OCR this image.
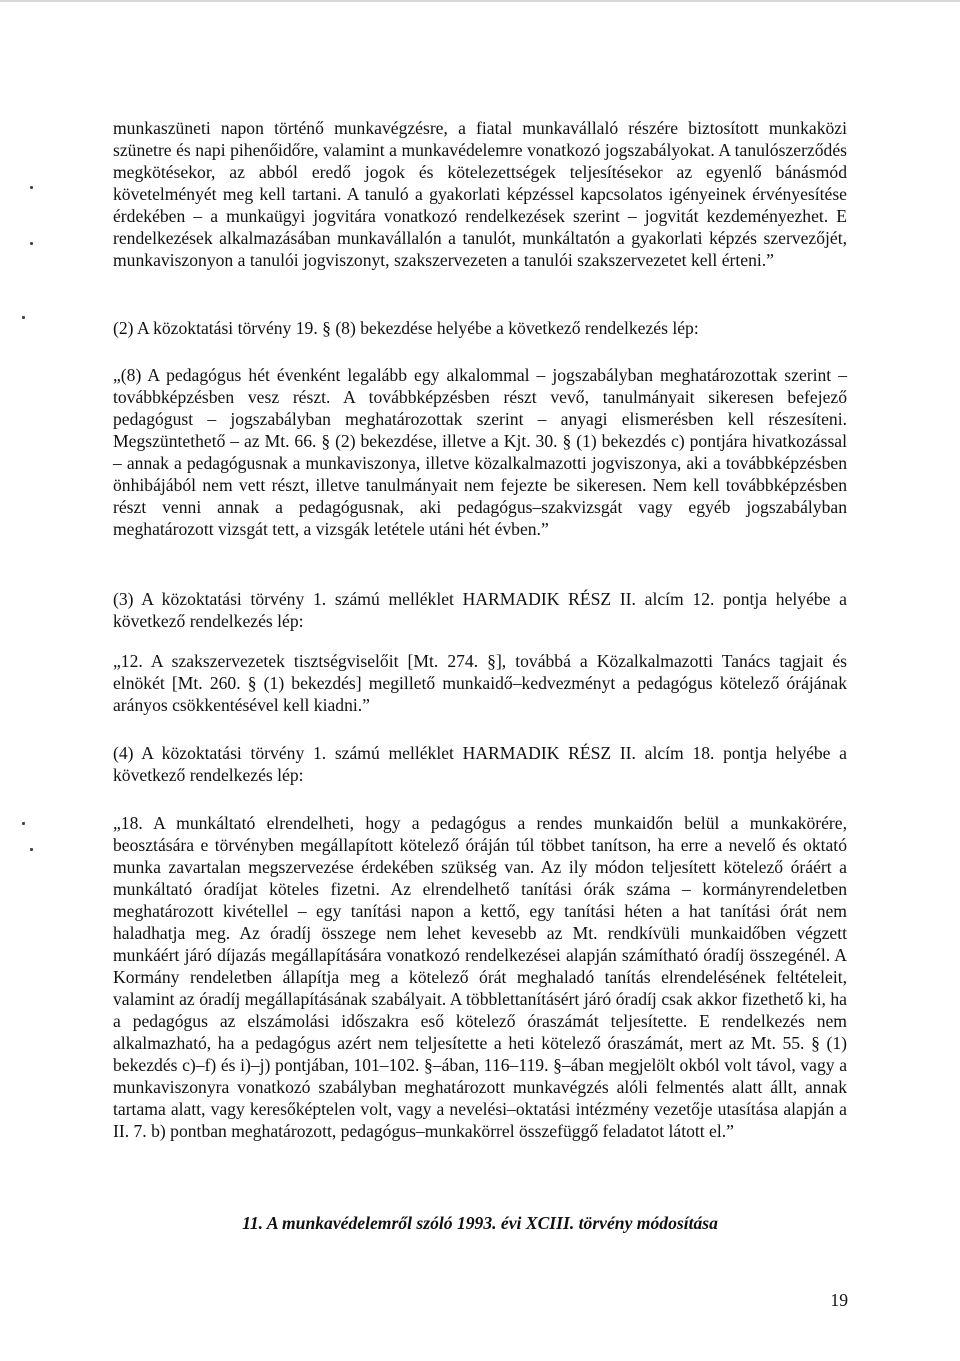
munkaszüneti napon történő munkavégzésre, a fiatal munkavállaló részére biztosított munkaközi szünetre és napi pihenőidőre, valamint a munkavédelemre vonatkozó jogszabályokat. A tanulószerződés megkötésekor, az abból eredő jogok és kötelezettségek teljesítésekor az egyenlő bánásmód követelményét meg kell tartani. A tanuló a gyakorlati képzéssel kapcsolatos igényeinek érvényesítése érdekében – a munkaügyi jogvitára vonatkozó rendelkezések szerint – jogvitát kezdeményezhet. E rendelkezések alkalmazásában munkavállalón a tanulót, munkáltatón a gyakorlati képzés szervezőjét, munkaviszonyon a tanulói jogviszonyt, szakszervezeten a tanulói szakszervezetet kell érteni.”

(2) A közoktatási törvény 19. § (8) bekezdése helyébe a következő rendelkezés lép:

„(8) A pedagógus hét évenként legalább egy alkalommal – jogszabályban meghatározottak szerint – továbbképzésben vesz részt. A továbbképzésben részt vevő, tanulmányait sikeresen befejező pedagógust – jogszabályban meghatározottak szerint – anyagi elismerésben kell részesíteni. Megszüntethető – az Mt. 66. § (2) bekezdése, illetve a Kjt. 30. § (1) bekezdés c) pontjára hivatkozással – annak a pedagógusnak a munkaviszonya, illetve közalkalmazotti jogviszonya, aki a továbbképzésben önhibájából nem vett részt, illetve tanulmányait nem fejezte be sikeresen. Nem kell továbbképzésben részt venni annak a pedagógusnak, aki pedagógus–szakvizsgát vagy egyéb jogszabályban meghatározott vizsgát tett, a vizsgák letétele utáni hét évben.”

(3) A közoktatási törvény 1. számú melléklet HARMADIK RÉSZ II. alcím 12. pontja helyébe a következő rendelkezés lép:

„12. A szakszervezetek tisztségviselőit [Mt. 274. §], továbbá a Közalkalmazotti Tanács tagjait és elnökét [Mt. 260. § (1) bekezdés] megillető munkaidő–kedvezményt a pedagógus kötelező órájának arányos csökkentésével kell kiadni.”

(4) A közoktatási törvény 1. számú melléklet HARMADIK RÉSZ II. alcím 18. pontja helyébe a következő rendelkezés lép:

„18. A munkáltató elrendelheti, hogy a pedagógus a rendes munkaidőn belül a munkakörére, beosztására e törvényben megállapított kötelező óráján túl többet tanítson, ha erre a nevelő és oktató munka zavartalan megszervezése érdekében szükség van. Az ily módon teljesített kötelező óráért a munkáltató óradíjat köteles fizetni. Az elrendelhető tanítási órák száma – kormányrendeletben meghatározott kivétellel – egy tanítási napon a kettő, egy tanítási héten a hat tanítási órát nem haladhatja meg. Az óradíj összege nem lehet kevesebb az Mt. rendkívüli munkaidőben végzett munkáért járó díjazás megállapítására vonatkozó rendelkezései alapján számítható óradíj összegénél. A Kormány rendeletben állapítja meg a kötelező órát meghaladó tanítás elrendelésének feltételeit, valamint az óradíj megállapításának szabályait. A többlettanításért járó óradíj csak akkor fizethető ki, ha a pedagógus az elszámolási időszakra eső kötelező óraszámát teljesítette. E rendelkezés nem alkalmazható, ha a pedagógus azért nem teljesítette a heti kötelező óraszámát, mert az Mt. 55. § (1) bekezdés c)–f) és i)–j) pontjában, 101–102. §–ában, 116–119. §–ában megjelölt okból volt távol, vagy a munkaviszonyra vonatkozó szabályban meghatározott munkavégzés alóli felmentés alatt állt, annak tartama alatt, vagy keresőképtelen volt, vagy a nevelési–oktatási intézmény vezetője utasítása alapján a II. 7. b) pontban meghatározott, pedagógus–munkakörrel összefüggő feladatot látott el.”

11. A munkavédelemről szóló 1993. évi XCIII. törvény módosítása

19
